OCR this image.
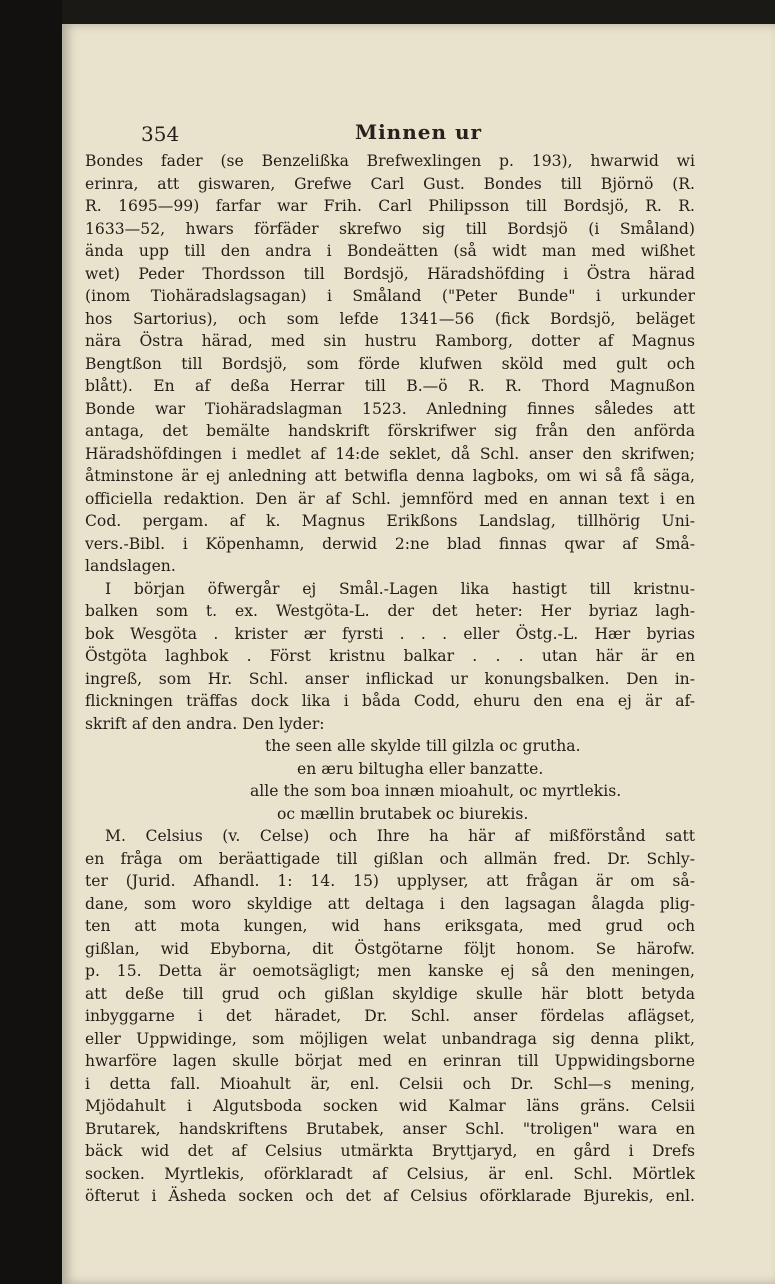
354	Minnen ur
Bondes fader (se Benzelißka Brefwexlingen p. 193), hwarwid wi
erinra, att giswaren, Grefwe Carl Gust. Bondes till Björnö (R.
R. 1695—99) farfar war Frih. Carl Philipsson till Bordsjö, R. R.
1633—52, hwars förfäder skrefwo sig till Bordsjö (i Småland)
ända upp till den andra i Bondeätten (så widt man med wißhet
wet) Peder Thordsson till Bordsjö, Häradshöfding i Östra härad
(inom Tiohäradslagsagan) i Småland ("Peter Bunde" i urkunder
hos Sartorius), och som lefde 1341—56 (fick Bordsjö, beläget
nära Östra härad, med sin hustru Ramborg, dotter af Magnus
Bengtßon till Bordsjö, som förde klufwen sköld med gult och
blått). En af deßa Herrar till B.—ö R. R. Thord Magnußon
Bonde war Tiohäradslagman 1523. Anledning finnes således att
antaga, det bemälte handskrift förskrifwer sig från den anförda
Häradshöfdingen i medlet af 14:de seklet, då Schl. anser den skrifwen;
åtminstone är ej anledning att betwifla denna lagboks, om wi så få säga,
officiella redaktion. Den är af Schl. jemnförd med en annan text i en
Cod. pergam. af k. Magnus Erikßons Landslag, tillhörig Uni-
vers.-Bibl. i Köpenhamn, derwid 2:ne blad finnas qwar af Små-
landslagen.
I början öfwergår ej Smål.-Lagen lika hastigt till kristnu-
balken som t. ex. Westgöta-L. der det heter: Her byriaz lagh-
bok Wesgöta . krister ær fyrsti . . . eller Östg.-L. Hær byrias
Östgöta laghbok . Först kristnu balkar . . . utan här är en
ingreß, som Hr. Schl. anser inflickad ur konungsbalken. Den in-
flickningen träffas dock lika i båda Codd, ehuru den ena ej är af-
skrift af den andra. Den lyder:
the seen alle skylde till gilzla oc grutha.
en æru biltugha eller banzatte.
alle the som boa innæn mioahult, oc myrtlekis.
oc mællin brutabek oc biurekis.
M. Celsius (v. Celse) och Ihre ha här af mißförstånd satt
en fråga om beräattigade till gißlan och allmän fred. Dr. Schly-
ter (Jurid. Afhandl. 1: 14. 15) upplyser, att frågan är om så-
dane, som woro skyldige att deltaga i den lagsagan ålagda plig-
ten att mota kungen, wid hans eriksgata, med grud och
gißlan, wid Ebyborna, dit Östgötarne följt honom. Se härofw.
p. 15. Detta är oemotsägligt; men kanske ej så den meningen,
att deße till grud och gißlan skyldige skulle här blott betyda
inbyggarne i det häradet, Dr. Schl. anser fördelas aflägset,
eller Uppwidinge, som möjligen welat unbandraga sig denna plikt,
hwarföre lagen skulle börjat med en erinran till Uppwidingsborne
i detta fall. Mioahult är, enl. Celsii och Dr. Schl—s mening,
Mjödahult i Algutsboda socken wid Kalmar läns gräns. Celsii
Brutarek, handskriftens Brutabek, anser Schl. "troligen" wara en
bäck wid det af Celsius utmärkta Bryttjaryd, en gård i Drefs
socken. Myrtlekis, oförklaradt af Celsius, är enl. Schl. Mörtlek
öfterut i Äsheda socken och det af Celsius oförklarade Bjurekis, enl.
